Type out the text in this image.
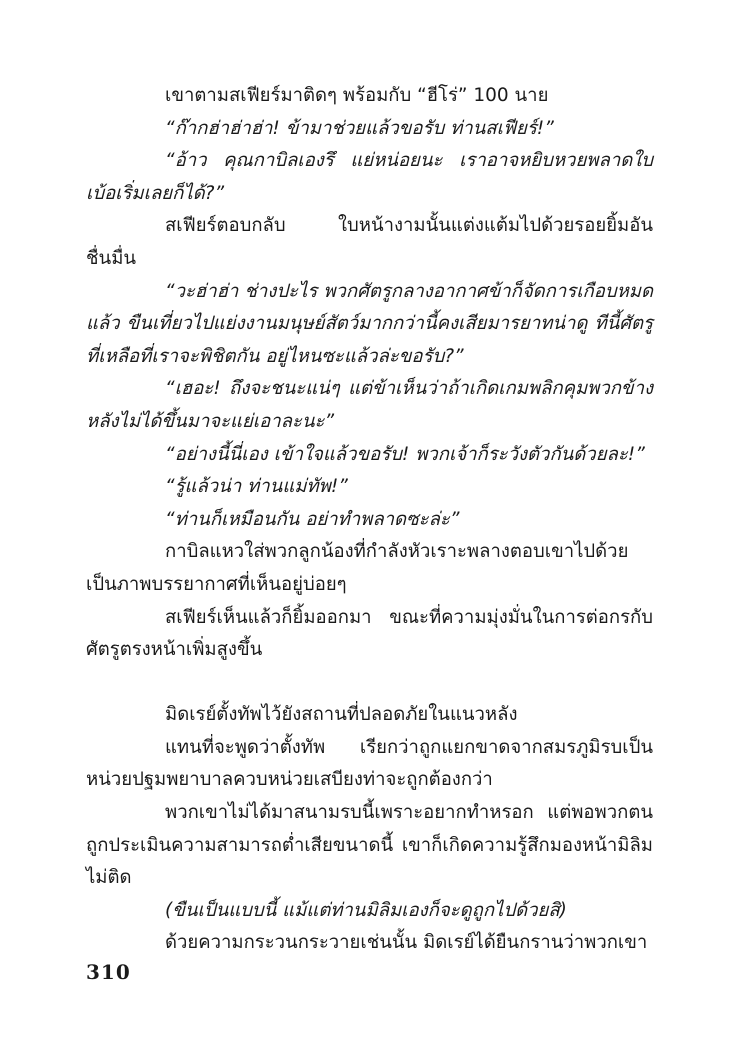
เขาตามสเฟียร์มาติดๆ พร้อมกับ “ฮีโร่” 100 นาย

“ก๊ากฮ่าฮ่าฮ่า! ข้ามาช่วยแล้วขอรับ ท่านสเฟียร์!”

“อ้าว คุณกาบิลเองรึ แย่หน่อยนะ เราอาจหยิบหวยพลาดใบเบ้อเริ่มเลยก็ได้?”

สเฟียร์ตอบกลับ ใบหน้างามนั้นแต่งแต้มไปด้วยรอยยิ้มอันชื่นมื่น

“วะฮ่าฮ่า ช่างปะไร พวกศัตรูกลางอากาศข้าก็จัดการเกือบหมดแล้ว ขืนเที่ยวไปแย่งงานมนุษย์สัตว์มากกว่านี้คงเสียมารยาทน่าดู ทีนี้ศัตรูที่เหลือที่เราจะพิชิตกัน อยู่ไหนซะแล้วล่ะขอรับ?”

“เฮอะ! ถึงจะชนะแน่ๆ แต่ข้าเห็นว่าถ้าเกิดเกมพลิกคุมพวกข้างหลังไม่ได้ขึ้นมาจะแย่เอาละนะ”

“อย่างนี้นี่เอง เข้าใจแล้วขอรับ! พวกเจ้าก็ระวังตัวกันด้วยละ!”

“รู้แล้วน่า ท่านแม่ทัพ!”

“ท่านก็เหมือนกัน อย่าทำพลาดซะล่ะ”

กาบิลแหวใส่พวกลูกน้องที่กำลังหัวเราะพลางตอบเขาไปด้วย เป็นภาพบรรยากาศที่เห็นอยู่บ่อยๆ

สเฟียร์เห็นแล้วก็ยิ้มออกมา ขณะที่ความมุ่งมั่นในการต่อกรกับศัตรูตรงหน้าเพิ่มสูงขึ้น

มิดเรย์ตั้งทัพไว้ยังสถานที่ปลอดภัยในแนวหลัง

แทนที่จะพูดว่าตั้งทัพ เรียกว่าถูกแยกขาดจากสมรภูมิรบเป็นหน่วยปฐมพยาบาลควบหน่วยเสบียงท่าจะถูกต้องกว่า

พวกเขาไม่ได้มาสนามรบนี้เพราะอยากทำหรอก แต่พอพวกตนถูกประเมินความสามารถต่ำเสียขนาดนี้ เขาก็เกิดความรู้สึกมองหน้ามิลิมไม่ติด

(ขืนเป็นแบบนี้ แม้แต่ท่านมิลิมเองก็จะดูถูกไปด้วยสิ)

ด้วยความกระวนกระวายเช่นนั้น มิดเรย์ได้ยืนกรานว่าพวกเขา

310
